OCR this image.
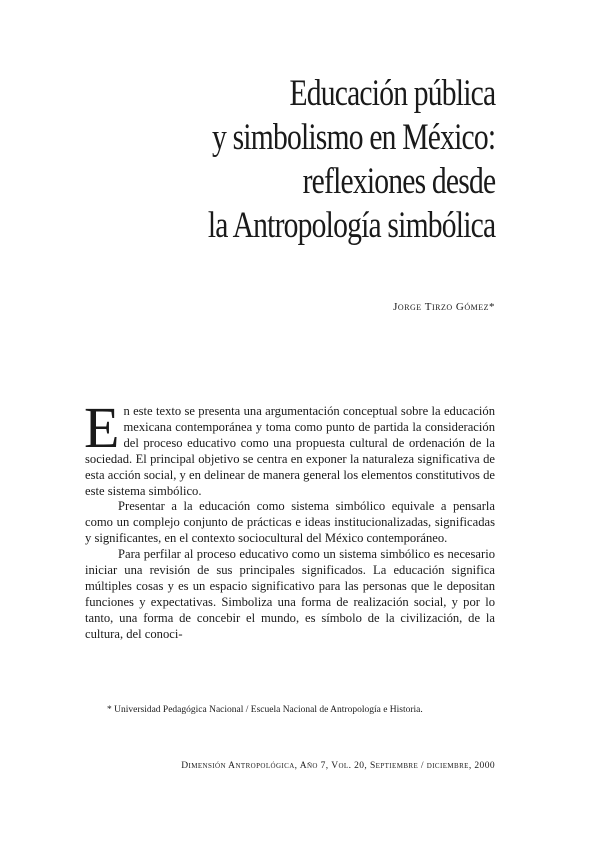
Educación pública
y simbolismo en México:
reflexiones desde
la Antropología simbólica
Jorge Tirzo Gómez*

En este texto se presenta una argumentación conceptual sobre la educación mexicana contemporánea y toma como punto de partida la consideración del proceso educativo como una propuesta cultural de ordenación de la sociedad. El principal objetivo se centra en exponer la naturaleza significativa de esta acción social, y en delinear de manera general los elementos constitutivos de este sistema simbólico.

Presentar a la educación como sistema simbólico equivale a pensarla como un complejo conjunto de prácticas e ideas institucionalizadas, significadas y significantes, en el contexto sociocultural del México contemporáneo.

Para perfilar al proceso educativo como un sistema simbólico es necesario iniciar una revisión de sus principales significados. La educación significa múltiples cosas y es un espacio significativo para las personas que le depositan funciones y expectativas. Simboliza una forma de realización social, y por lo tanto, una forma de concebir el mundo, es símbolo de la civilización, de la cultura, del conoci-

* Universidad Pedagógica Nacional / Escuela Nacional de Antropología e Historia.
Dimensión Antropológica, Año 7, Vol. 20, Septiembre / diciembre, 2000
